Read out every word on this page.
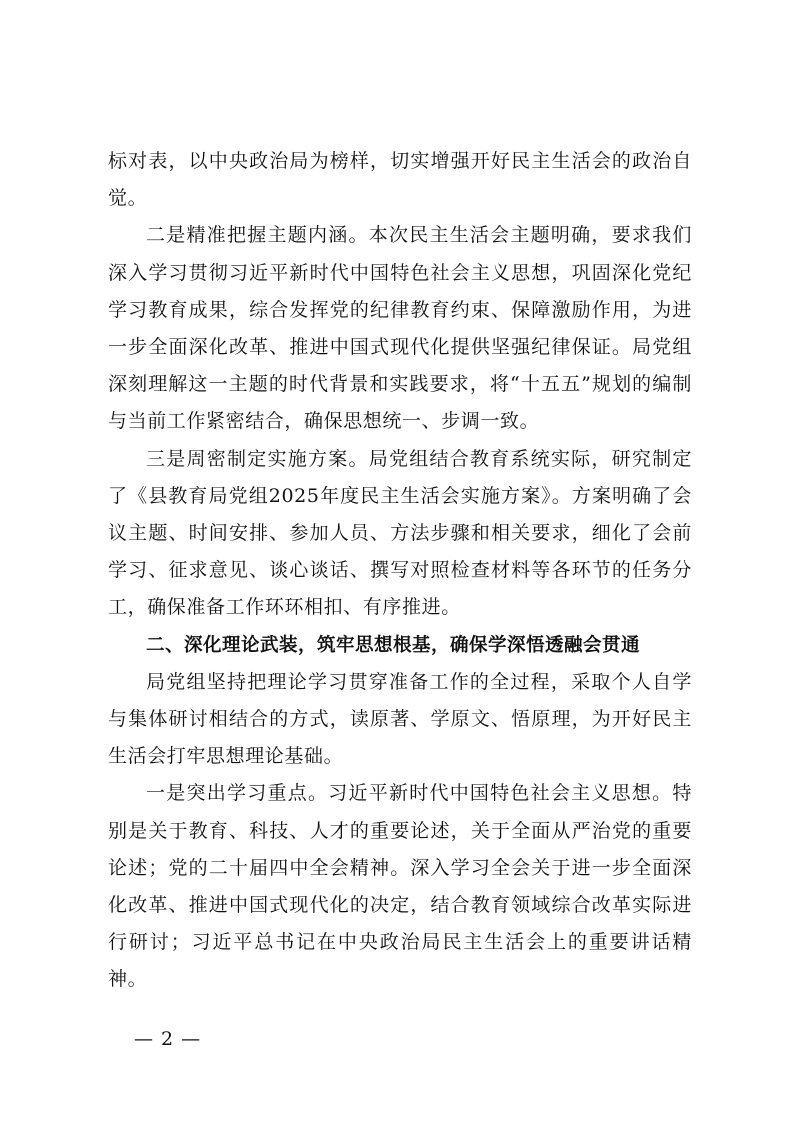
标对表，以中央政治局为榜样，切实增强开好民主生活会的政治自觉。

二是精准把握主题内涵。本次民主生活会主题明确，要求我们深入学习贯彻习近平新时代中国特色社会主义思想，巩固深化党纪学习教育成果，综合发挥党的纪律教育约束、保障激励作用，为进一步全面深化改革、推进中国式现代化提供坚强纪律保证。局党组深刻理解这一主题的时代背景和实践要求，将“十五五”规划的编制与当前工作紧密结合，确保思想统一、步调一致。

三是周密制定实施方案。局党组结合教育系统实际，研究制定了《县教育局党组2025年度民主生活会实施方案》。方案明确了会议主题、时间安排、参加人员、方法步骤和相关要求，细化了会前学习、征求意见、谈心谈话、撰写对照检查材料等各环节的任务分工，确保准备工作环环相扣、有序推进。

二、深化理论武装，筑牢思想根基，确保学深悟透融会贯通

局党组坚持把理论学习贯穿准备工作的全过程，采取个人自学与集体研讨相结合的方式，读原著、学原文、悟原理，为开好民主生活会打牢思想理论基础。

一是突出学习重点。习近平新时代中国特色社会主义思想。特别是关于教育、科技、人才的重要论述，关于全面从严治党的重要论述；党的二十届四中全会精神。深入学习全会关于进一步全面深化改革、推进中国式现代化的决定，结合教育领域综合改革实际进行研讨；习近平总书记在中央政治局民主生活会上的重要讲话精神。

— 2 —
